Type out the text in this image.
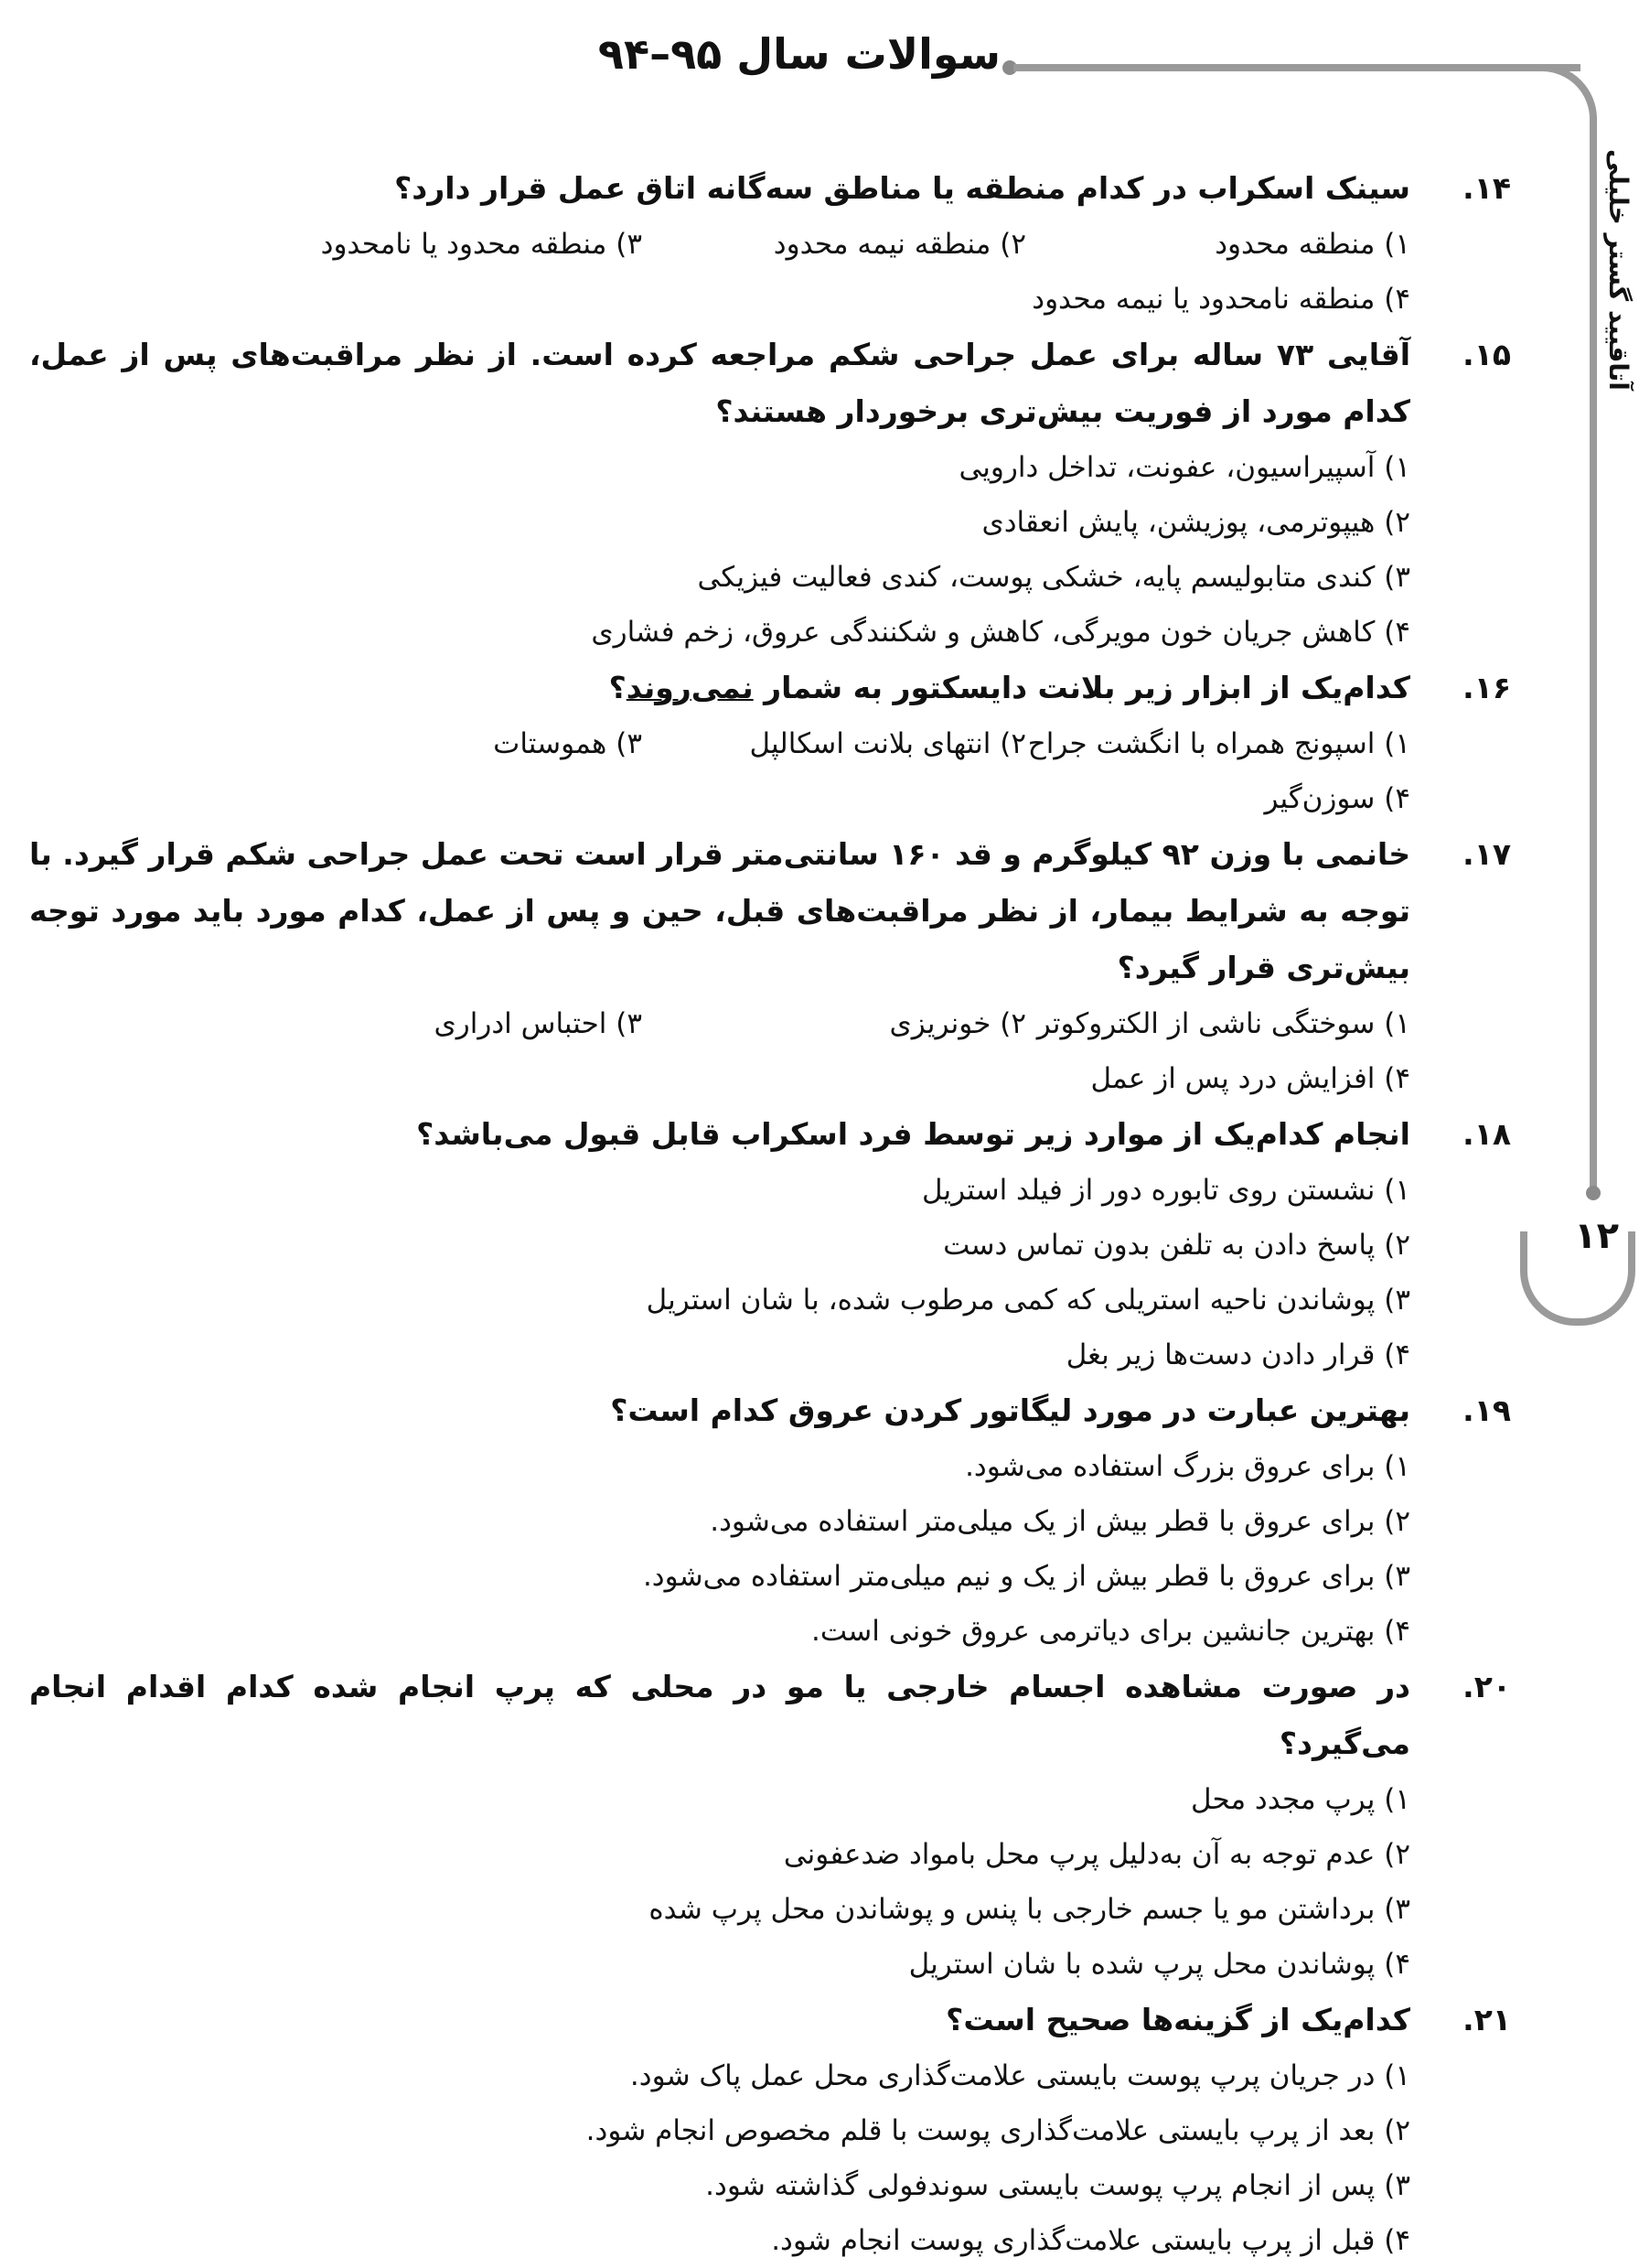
سوالات سال ۹۵–۹۴
آتاقیید گستر خلیلی
۱۲
۱۴.
سینک اسکراب در کدام منطقه یا مناطق سه‌گانه اتاق عمل قرار دارد؟
۱) منطقه محدود
۲) منطقه نیمه محدود
۳) منطقه محدود یا نامحدود
۴) منطقه نامحدود یا نیمه محدود
۱۵.
آقایی ۷۳ ساله برای عمل جراحی شکم مراجعه کرده است. از نظر مراقبت‌های پس از عمل، کدام مورد از فوریت بیش‌تری برخوردار هستند؟
۱) آسپیراسیون، عفونت، تداخل دارویی
۲) هیپوترمی، پوزیشن، پایش انعقادی
۳) کندی متابولیسم پایه، خشکی پوست، کندی فعالیت فیزیکی
۴) کاهش جریان خون مویرگی، کاهش و شکنندگی عروق، زخم فشاری
۱۶.
کدام‌یک از ابزار زیر بلانت دایسکتور به شمار نمی‌روند؟
۱) اسپونج همراه با انگشت جراح
۲) انتهای بلانت اسکالپل
۳) هموستات
۴) سوزن‌گیر
۱۷.
خانمی با وزن ۹۲ کیلوگرم و قد ۱۶۰ سانتی‌متر قرار است تحت عمل جراحی شکم قرار گیرد. با توجه به شرایط بیمار، از نظر مراقبت‌های قبل، حین و پس از عمل، کدام مورد باید مورد توجه بیش‌تری قرار گیرد؟
۱) سوختگی ناشی از الکتروکوتر
۲) خونریزی
۳) احتباس ادراری
۴) افزایش درد پس از عمل
۱۸.
انجام کدام‌یک از موارد زیر توسط فرد اسکراب قابل قبول می‌باشد؟
۱) نشستن روی تابوره دور از فیلد استریل
۲) پاسخ دادن به تلفن بدون تماس دست
۳) پوشاندن ناحیه استریلی که کمی مرطوب شده، با شان استریل
۴) قرار دادن دست‌ها زیر بغل
۱۹.
بهترین عبارت در مورد لیگاتور کردن عروق کدام است؟
۱) برای عروق بزرگ استفاده می‌شود.
۲) برای عروق با قطر بیش از یک میلی‌متر استفاده می‌شود.
۳) برای عروق با قطر بیش از یک و نیم میلی‌متر استفاده می‌شود.
۴) بهترین جانشین برای دیاترمی عروق خونی است.
۲۰.
در صورت مشاهده اجسام خارجی یا مو در محلی که پرپ انجام شده کدام اقدام انجام می‌گیرد؟
۱) پرپ مجدد محل
۲) عدم توجه به آن به‌دلیل پرپ محل بامواد ضدعفونی
۳) برداشتن مو یا جسم خارجی با پنس و پوشاندن محل پرپ شده
۴) پوشاندن محل پرپ شده با شان استریل
۲۱.
کدام‌یک از گزینه‌ها صحیح است؟
۱) در جریان پرپ پوست بایستی علامت‌گذاری محل عمل پاک شود.
۲) بعد از پرپ بایستی علامت‌گذاری پوست با قلم مخصوص انجام شود.
۳) پس از انجام پرپ پوست بایستی سوندفولی گذاشته شود.
۴) قبل از پرپ بایستی علامت‌گذاری پوست انجام شود.
